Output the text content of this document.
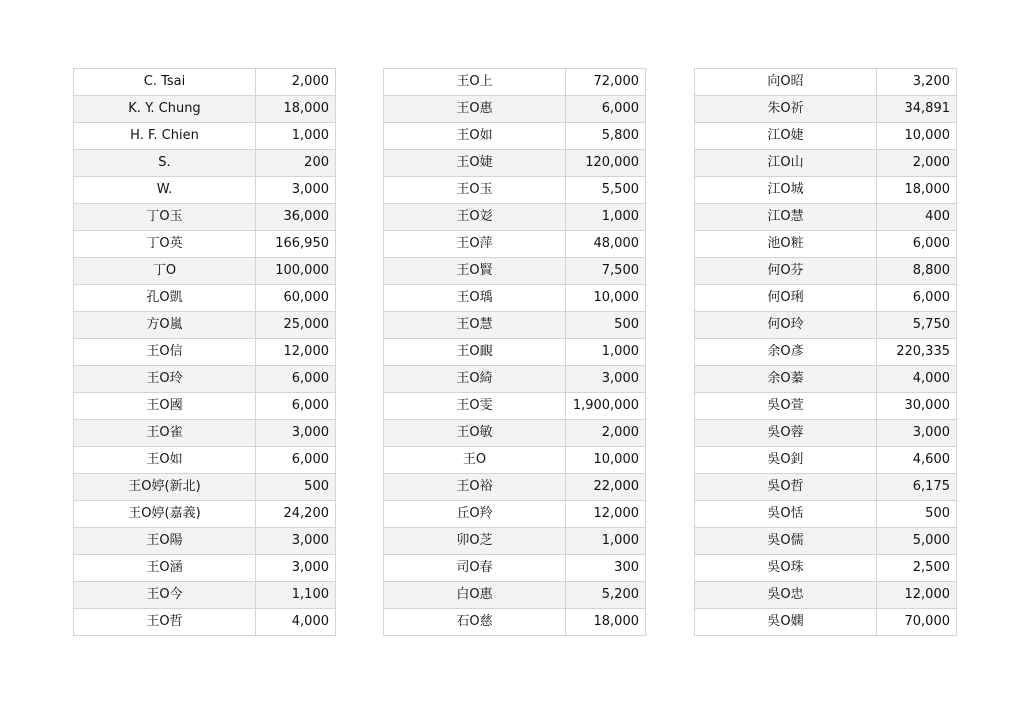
C. Tsai	2,000
K. Y. Chung	18,000
H. F. Chien	1,000
S.	200
W.	3,000
丁O玉	36,000
丁O英	166,950
丁O	100,000
孔O凱	60,000
方O嵐	25,000
王O信	12,000
王O玲	6,000
王O國	6,000
王O雀	3,000
王O如	6,000
王O婷(新北)	500
王O婷(嘉義)	24,200
王O陽	3,000
王O涵	3,000
王O今	1,100
王O哲	4,000
王O上	72,000
王O惠	6,000
王O如	5,800
王O婕	120,000
王O玉	5,500
王O彣	1,000
王O萍	48,000
王O賢	7,500
王O瑀	10,000
王O慧	500
王O靦	1,000
王O綺	3,000
王O雯	1,900,000
王O敏	2,000
王O	10,000
王O裕	22,000
丘O羚	12,000
卯O芝	1,000
司O春	300
白O惠	5,200
石O慈	18,000
向O昭	3,200
朱O祈	34,891
江O婕	10,000
江O山	2,000
江O城	18,000
江O慧	400
池O粧	6,000
何O芬	8,800
何O琍	6,000
何O玲	5,750
余O彥	220,335
余O蓁	4,000
吳O萱	30,000
吳O蓉	3,000
吳O釗	4,600
吳O哲	6,175
吳O恬	500
吳O儒	5,000
吳O珠	2,500
吳O忠	12,000
吳O嫻	70,000
